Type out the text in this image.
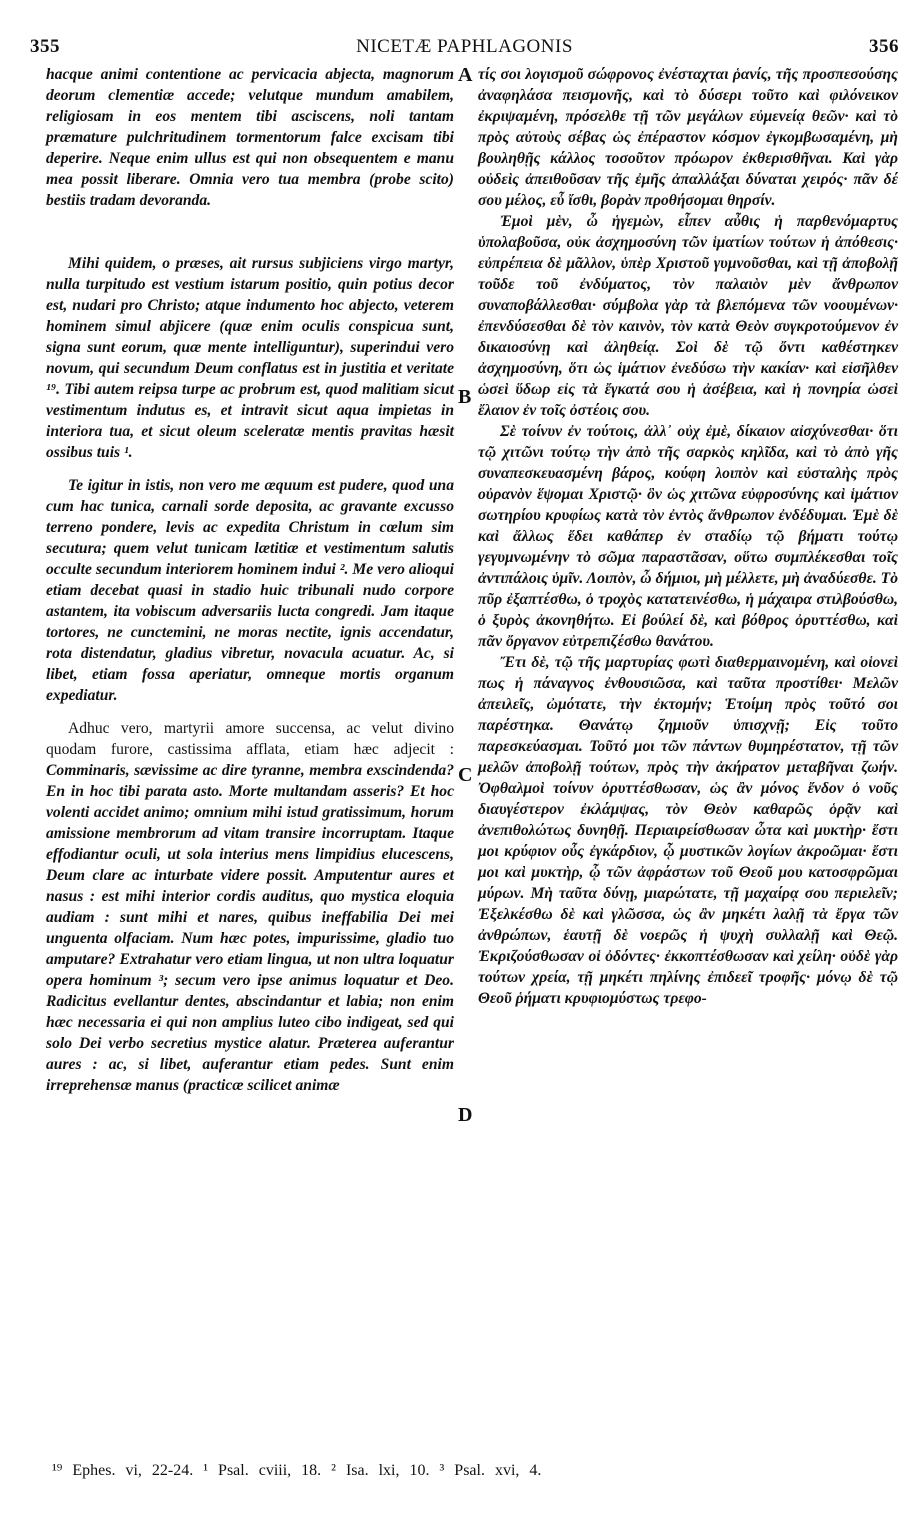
355	NICETÆ PAPHLAGONIS	356

hacque animi contentione ac pervicacia abjecta, magnorum deorum clementiæ accede; velutque mundum amabilem, religiosam in eos mentem tibi asciscens, noli tantam præmature pulchritudinem tormentorum falce excisam tibi deperire. Neque enim ullus est qui non obsequentem e manu mea possit liberare. Omnia vero tua membra (probe scito) bestiis tradam devoranda.

Mihi quidem, o præses, ait rursus subjiciens virgo martyr, nulla turpitudo est vestium istarum positio, quin potius decor est, nudari pro Christo; atque indumento hoc abjecto, veterem hominem simul abjicere (quæ enim oculis conspicua sunt, signa sunt eorum, quæ mente intelliguntur), superindui vero novum, qui secundum Deum conflatus est in justitia et veritate ¹⁹. Tibi autem reipsa turpe ac probrum est, quod malitiam sicut vestimentum indutus es, et intravit sicut aqua impietas in interiora tua, et sicut oleum sceleratæ mentis pravitas hæsit ossibus tuis ¹.

Te igitur in istis, non vero me æquum est pudere, quod una cum hac tunica, carnali sorde deposita, ac gravante excusso terreno pondere, levis ac expedita Christum in cœlum sim secutura; quem velut tunicam lætitiæ et vestimentum salutis occulte secundum interiorem hominem indui ². Me vero alioqui etiam decebat quasi in stadio huic tribunali nudo corpore astantem, ita vobiscum adversariis lucta congredi. Jam itaque tortores, ne cunctemini, ne moras nectite, ignis accendatur, rota distendatur, gladius vibretur, novacula acuatur. Ac, si libet, etiam fossa aperiatur, omneque mortis organum expediatur.

Adhuc vero, martyrii amore succensa, ac velut divino quodam furore, castissima afflata, etiam hæc adjecit : Comminaris, sævissime ac dire tyranne, membra exscindenda? En in hoc tibi parata asto. Morte multandam asseris? Et hoc volenti accidet animo; omnium mihi istud gratissimum, horum amissione membrorum ad vitam transire incorruptam. Itaque effodiantur oculi, ut sola interius mens limpidius elucescens, Deum clare ac inturbate videre possit. Amputentur aures et nasus : est mihi interior cordis auditus, quo mystica eloquia audiam : sunt mihi et nares, quibus ineffabilia Dei mei unguenta olfaciam. Num hæc potes, impurissime, gladio tuo amputare? Extrahatur vero etiam lingua, ut non ultra loquatur opera hominum ³; secum vero ipse animus loquatur et Deo. Radicitus evellantur dentes, abscindantur et labia; non enim hæc necessaria ei qui non amplius luteo cibo indigeat, sed qui solo Dei verbo secretius mystice alatur. Præterea auferantur aures : ac, si libet, auferantur etiam pedes. Sunt enim irreprehensæ manus (practicæ scilicet animæ

A
B
C
D

τίς σοι λογισμοῦ σώφρονος ἐνέσταχται ῥανίς, τῆς προσπεσούσης ἀναφηλάσα πεισμονῆς, καὶ τὸ δύσερι τοῦτο καὶ φιλόνεικον ἐκριψαμένη, πρόσελθε τῇ τῶν μεγάλων εὐμενείᾳ θεῶν· καὶ τὸ πρὸς αὐτοὺς σέβας ὡς ἐπέραστον κόσμον ἐγκομβωσαμένη, μὴ βουληθῇς κάλλος τοσοῦτον πρόωρον ἐκθερισθῆναι. Καὶ γὰρ οὐδεὶς ἀπειθοῦσαν τῆς ἐμῆς ἀπαλλάξαι δύναται χειρός· πᾶν δέ σου μέλος, εὖ ἴσθι, βορὰν προθήσομαι θηρσίν.

Ἐμοὶ μὲν, ὦ ἡγεμὼν, εἶπεν αὖθις ἡ παρθενόμαρτυς ὑπολαβοῦσα, οὐκ ἀσχημοσύνη τῶν ἱματίων τούτων ἡ ἀπόθεσις· εὐπρέπεια δὲ μᾶλλον, ὑπὲρ Χριστοῦ γυμνοῦσθαι, καὶ τῇ ἀποβολῇ τοῦδε τοῦ ἐνδύματος, τὸν παλαιὸν μὲν ἄνθρωπον συναποβάλλεσθαι· σύμβολα γὰρ τὰ βλεπόμενα τῶν νοουμένων· ἐπενδύσεσθαι δὲ τὸν καινὸν, τὸν κατὰ Θεὸν συγκροτούμενον ἐν δικαιοσύνῃ καὶ ἀληθείᾳ. Σοὶ δὲ τῷ ὄντι καθέστηκεν ἀσχημοσύνη, ὅτι ὡς ἱμάτιον ἐνεδύσω τὴν κακίαν· καὶ εἰσῆλθεν ὡσεὶ ὕδωρ εἰς τὰ ἔγκατά σου ἡ ἀσέβεια, καὶ ἡ πονηρία ὡσεὶ ἔλαιον ἐν τοῖς ὀστέοις σου.

Σὲ τοίνυν ἐν τούτοις, ἀλλ᾽ οὐχ ἐμὲ, δίκαιον αἰσχύνεσθαι· ὅτι τῷ χιτῶνι τούτῳ τὴν ἀπὸ τῆς σαρκὸς κηλῖδα, καὶ τὸ ἀπὸ γῆς συναπεσκευασμένη βάρος, κούφη λοιπὸν καὶ εὐσταλὴς πρὸς οὐρανὸν ἕψομαι Χριστῷ· ὃν ὡς χιτῶνα εὐφροσύνης καὶ ἱμάτιον σωτηρίου κρυφίως κατὰ τὸν ἐντὸς ἄνθρωπον ἐνδέδυμαι. Ἐμὲ δὲ καὶ ἄλλως ἔδει καθάπερ ἐν σταδίῳ τῷ βήματι τούτῳ γεγυμνωμένην τὸ σῶμα παραστᾶσαν, οὕτω συμπλέκεσθαι τοῖς ἀντιπάλοις ὑμῖν. Λοιπὸν, ὦ δήμιοι, μὴ μέλλετε, μὴ ἀναδύεσθε. Τὸ πῦρ ἐξαπτέσθω, ὁ τροχὸς κατατεινέσθω, ἡ μάχαιρα στιλβούσθω, ὁ ξυρὸς ἀκονηθήτω. Εἰ βούλεί δὲ, καὶ βόθρος ὀρυττέσθω, καὶ πᾶν ὄργανον εὐτρεπιζέσθω θανάτου.

Ἔτι δὲ, τῷ τῆς μαρτυρίας φωτὶ διαθερμαινομένη, καὶ οἱονεὶ πως ἡ πάναγνος ἐνθουσιῶσα, καὶ ταῦτα προστίθει· Μελῶν ἀπειλεῖς, ὠμότατε, τὴν ἐκτομήν; Ἑτοίμη πρὸς τοῦτό σοι παρέστηκα. Θανάτῳ ζημιοῦν ὑπισχνῇ; Εἰς τοῦτο παρεσκεύασμαι. Τοῦτό μοι τῶν πάντων θυμηρέστατον, τῇ τῶν μελῶν ἀποβολῇ τούτων, πρὸς τὴν ἀκήρατον μεταβῆναι ζωήν. Ὀφθαλμοὶ τοίνυν ὀρυττέσθωσαν, ὡς ἂν μόνος ἔνδον ὁ νοῦς διαυγέστερον ἐκλάμψας, τὸν Θεὸν καθαρῶς ὁρᾷν καὶ ἀνεπιθολώτως δυνηθῇ. Περιαιρείσθωσαν ὦτα καὶ μυκτὴρ· ἔστι μοι κρύφιον οὖς ἐγκάρδιον, ᾧ μυστικῶν λογίων ἀκροῶμαι· ἔστι μοι καὶ μυκτὴρ, ᾧ τῶν ἀφράστων τοῦ Θεοῦ μου κατοσφρῶμαι μύρων. Μὴ ταῦτα δύνῃ, μιαρώτατε, τῇ μαχαίρᾳ σου περιελεῖν; Ἐξελκέσθω δὲ καὶ γλῶσσα, ὡς ἂν μηκέτι λαλῇ τὰ ἔργα τῶν ἀνθρώπων, ἑαυτῇ δὲ νοερῶς ἡ ψυχὴ συλλαλῇ καὶ Θεῷ. Ἐκριζούσθωσαν οἱ ὀδόντες· ἐκκοπτέσθωσαν καὶ χείλη· οὐδὲ γὰρ τούτων χρεία, τῇ μηκέτι πηλίνης ἐπιδεεῖ τροφῆς· μόνῳ δὲ τῷ Θεοῦ ῥήματι κρυφιομύστως τρεφο-

¹⁹ Ephes. vi, 22-24. ¹ Psal. cviii, 18. ² Isa. lxi, 10. ³ Psal. xvi, 4.
